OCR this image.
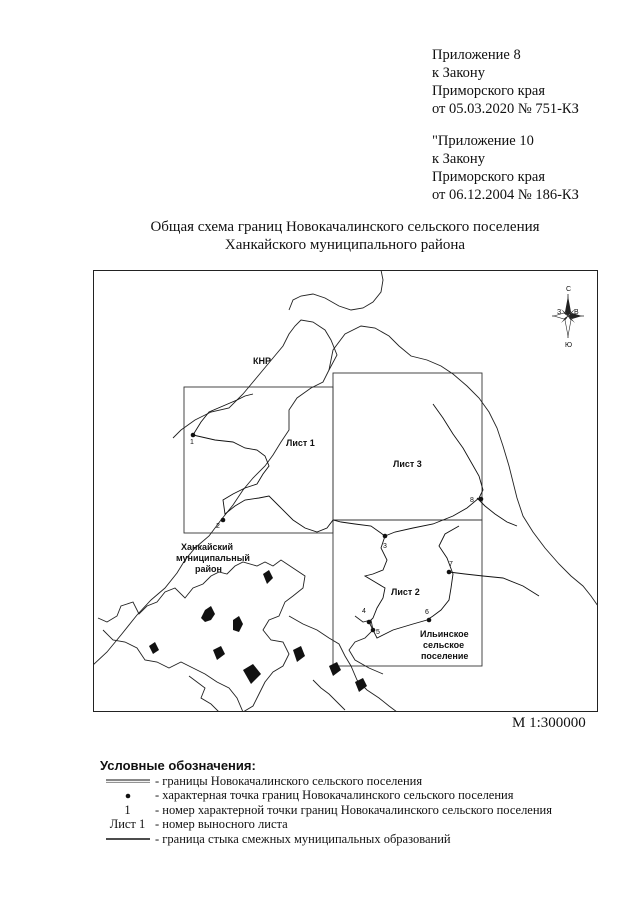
Приложение 8
к Закону
Приморского края
от 05.03.2020 № 751-КЗ
"Приложение 10
к Закону
Приморского края
от 06.12.2004 № 186-КЗ
Общая схема границ Новокачалинского сельского поселения
Ханкайского муниципального района
1
2
3
4
5
6
7
8
КНР
Лист 1
Лист 3
Лист 2
Ханкайский
муниципальный
район
Ильинское
сельское
поселение
С
Ю
З В
М 1:300000
Условные обозначения:
- границы Новокачалинского сельского поселения
- характерная точка границ Новокачалинского сельского поселения
1	- номер характерной точки границ Новокачалинского сельского поселения
Лист 1 - номер выносного листа
- граница стыка смежных муниципальных образований
